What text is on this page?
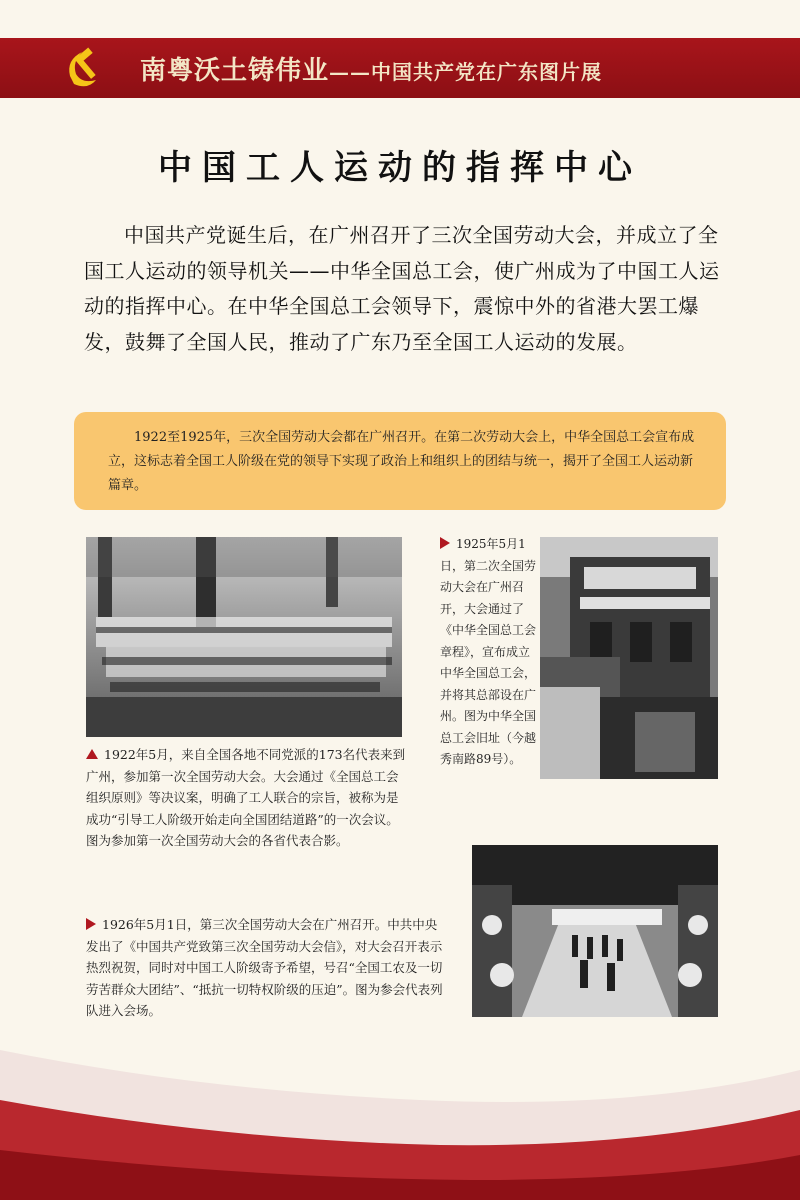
南粤沃土铸伟业——中国共产党在广东图片展
中国工人运动的指挥中心
中国共产党诞生后，在广州召开了三次全国劳动大会，并成立了全国工人运动的领导机关——中华全国总工会，使广州成为了中国工人运动的指挥中心。在中华全国总工会领导下，震惊中外的省港大罢工爆发，鼓舞了全国人民，推动了广东乃至全国工人运动的发展。
1922至1925年，三次全国劳动大会都在广州召开。在第二次劳动大会上，中华全国总工会宣布成立，这标志着全国工人阶级在党的领导下实现了政治上和组织上的团结与统一，揭开了全国工人运动新篇章。
1922年5月，来自全国各地不同党派的173名代表来到广州，参加第一次全国劳动大会。大会通过《全国总工会组织原则》等决议案，明确了工人联合的宗旨，被称为是成功“引导工人阶级开始走向全国团结道路”的一次会议。图为参加第一次全国劳动大会的各省代表合影。
1925年5月1日，第二次全国劳动大会在广州召开，大会通过了《中华全国总工会章程》，宣布成立中华全国总工会，并将其总部设在广州。图为中华全国总工会旧址（今越秀南路89号）。
1926年5月1日，第三次全国劳动大会在广州召开。中共中央发出了《中国共产党致第三次全国劳动大会信》，对大会召开表示热烈祝贺，同时对中国工人阶级寄予希望，号召“全国工农及一切劳苦群众大团结”、“抵抗一切特权阶级的压迫”。图为参会代表列队进入会场。
